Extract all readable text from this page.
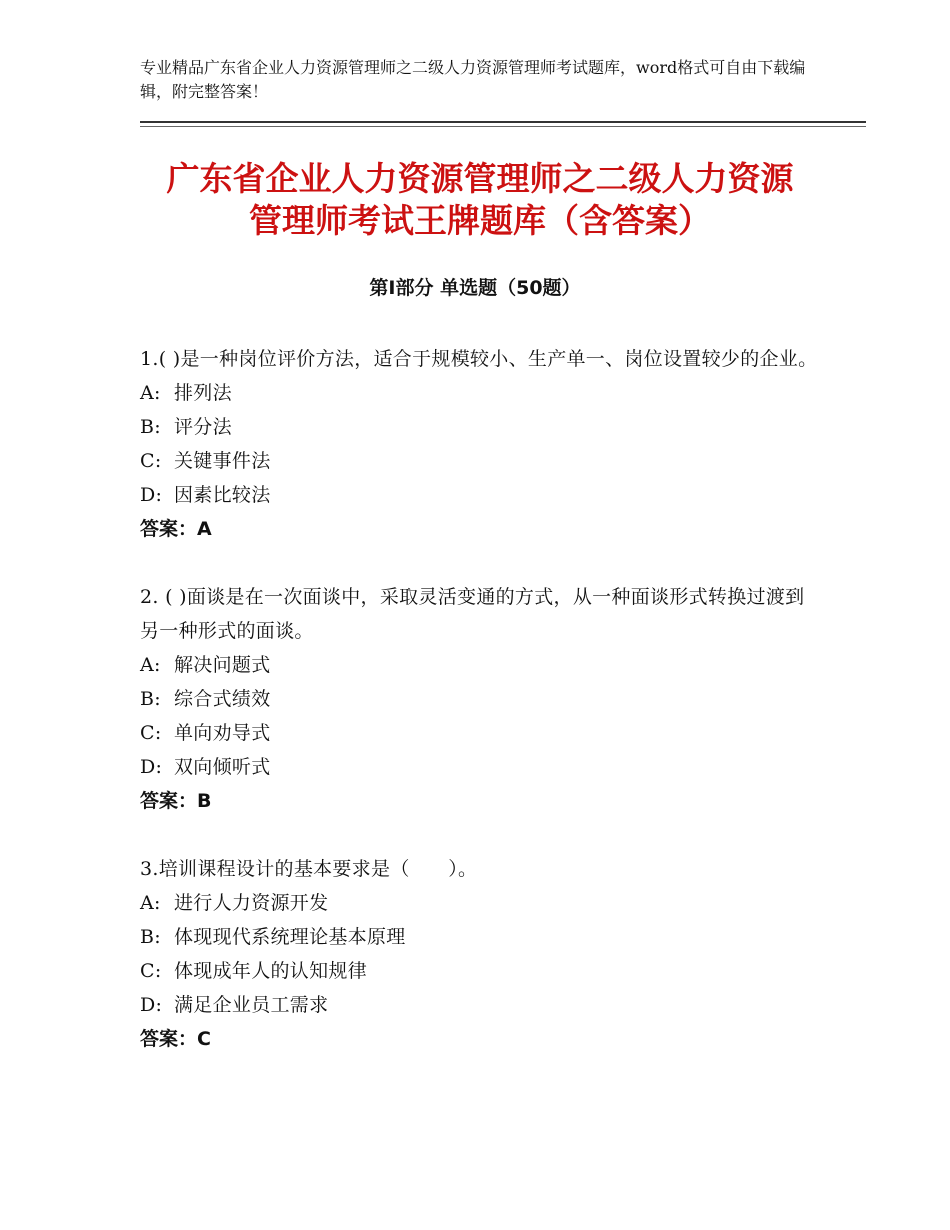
专业精品广东省企业人力资源管理师之二级人力资源管理师考试题库，word格式可自由下载编辑，附完整答案！
广东省企业人力资源管理师之二级人力资源
管理师考试王牌题库（含答案）
第Ⅰ部分 单选题（50题）
1.( )是一种岗位评价方法，适合于规模较小、生产单一、岗位设置较少的企业。
A: 排列法
B: 评分法
C: 关键事件法
D: 因素比较法
答案：A
2. ( )面谈是在一次面谈中，采取灵活变通的方式，从一种面谈形式转换过渡到另一种形式的面谈。
A: 解决问题式
B: 综合式绩效
C: 单向劝导式
D: 双向倾听式
答案：B
3.培训课程设计的基本要求是（　　）。
A: 进行人力资源开发
B: 体现现代系统理论基本原理
C: 体现成年人的认知规律
D: 满足企业员工需求
答案：C
